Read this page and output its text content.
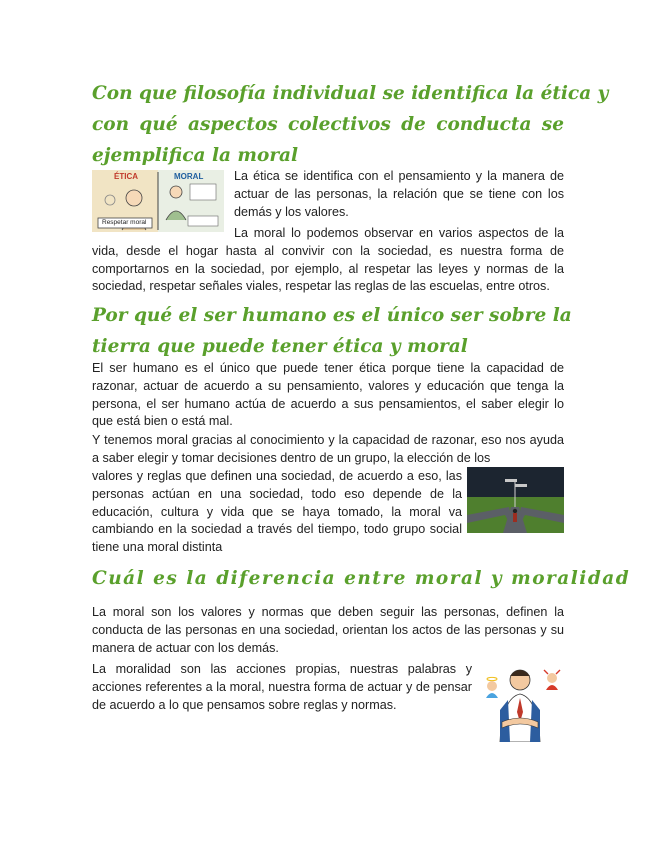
Con que filosofía individual se identifica la ética y
con qué aspectos colectivos de conducta se
ejemplifica la moral
ÉTICA	MORAL
Respetar moral

La ética se identifica con el pensamiento y la manera de actuar de las personas, la relación que se tiene con los demás y los valores.

La moral lo podemos observar en varios aspectos de la vida, desde el hogar hasta al convivir con la sociedad, es nuestra forma de comportarnos en la sociedad, por ejemplo, al respetar las leyes y normas de la sociedad, respetar señales viales, respetar las reglas de las escuelas, entre otros.

Por qué el ser humano es el único ser sobre la
tierra que puede tener ética y moral

El ser humano es el único que puede tener ética porque tiene la capacidad de razonar, actuar de acuerdo a su pensamiento, valores y educación que tenga la persona, el ser humano actúa de acuerdo a sus pensamientos, el saber elegir lo que está bien o está mal.

Y tenemos moral gracias al conocimiento y la capacidad de razonar, eso nos ayuda a saber elegir y tomar decisiones dentro de un grupo, la elección de los

valores y reglas que definen una sociedad, de acuerdo a eso, las personas actúan en una sociedad, todo eso depende de la educación, cultura y vida que se haya tomado, la moral va cambiando en la sociedad a través del tiempo, todo grupo social tiene una moral distinta

Cuál es la diferencia entre moral y moralidad

La moral son los valores y normas que deben seguir las personas, definen la conducta de las personas en una sociedad, orientan los actos de las personas y su manera de actuar con los demás.

La moralidad son las acciones propias, nuestras palabras y acciones referentes a la moral, nuestra forma de actuar y de pensar de acuerdo a lo que pensamos sobre reglas y normas.
